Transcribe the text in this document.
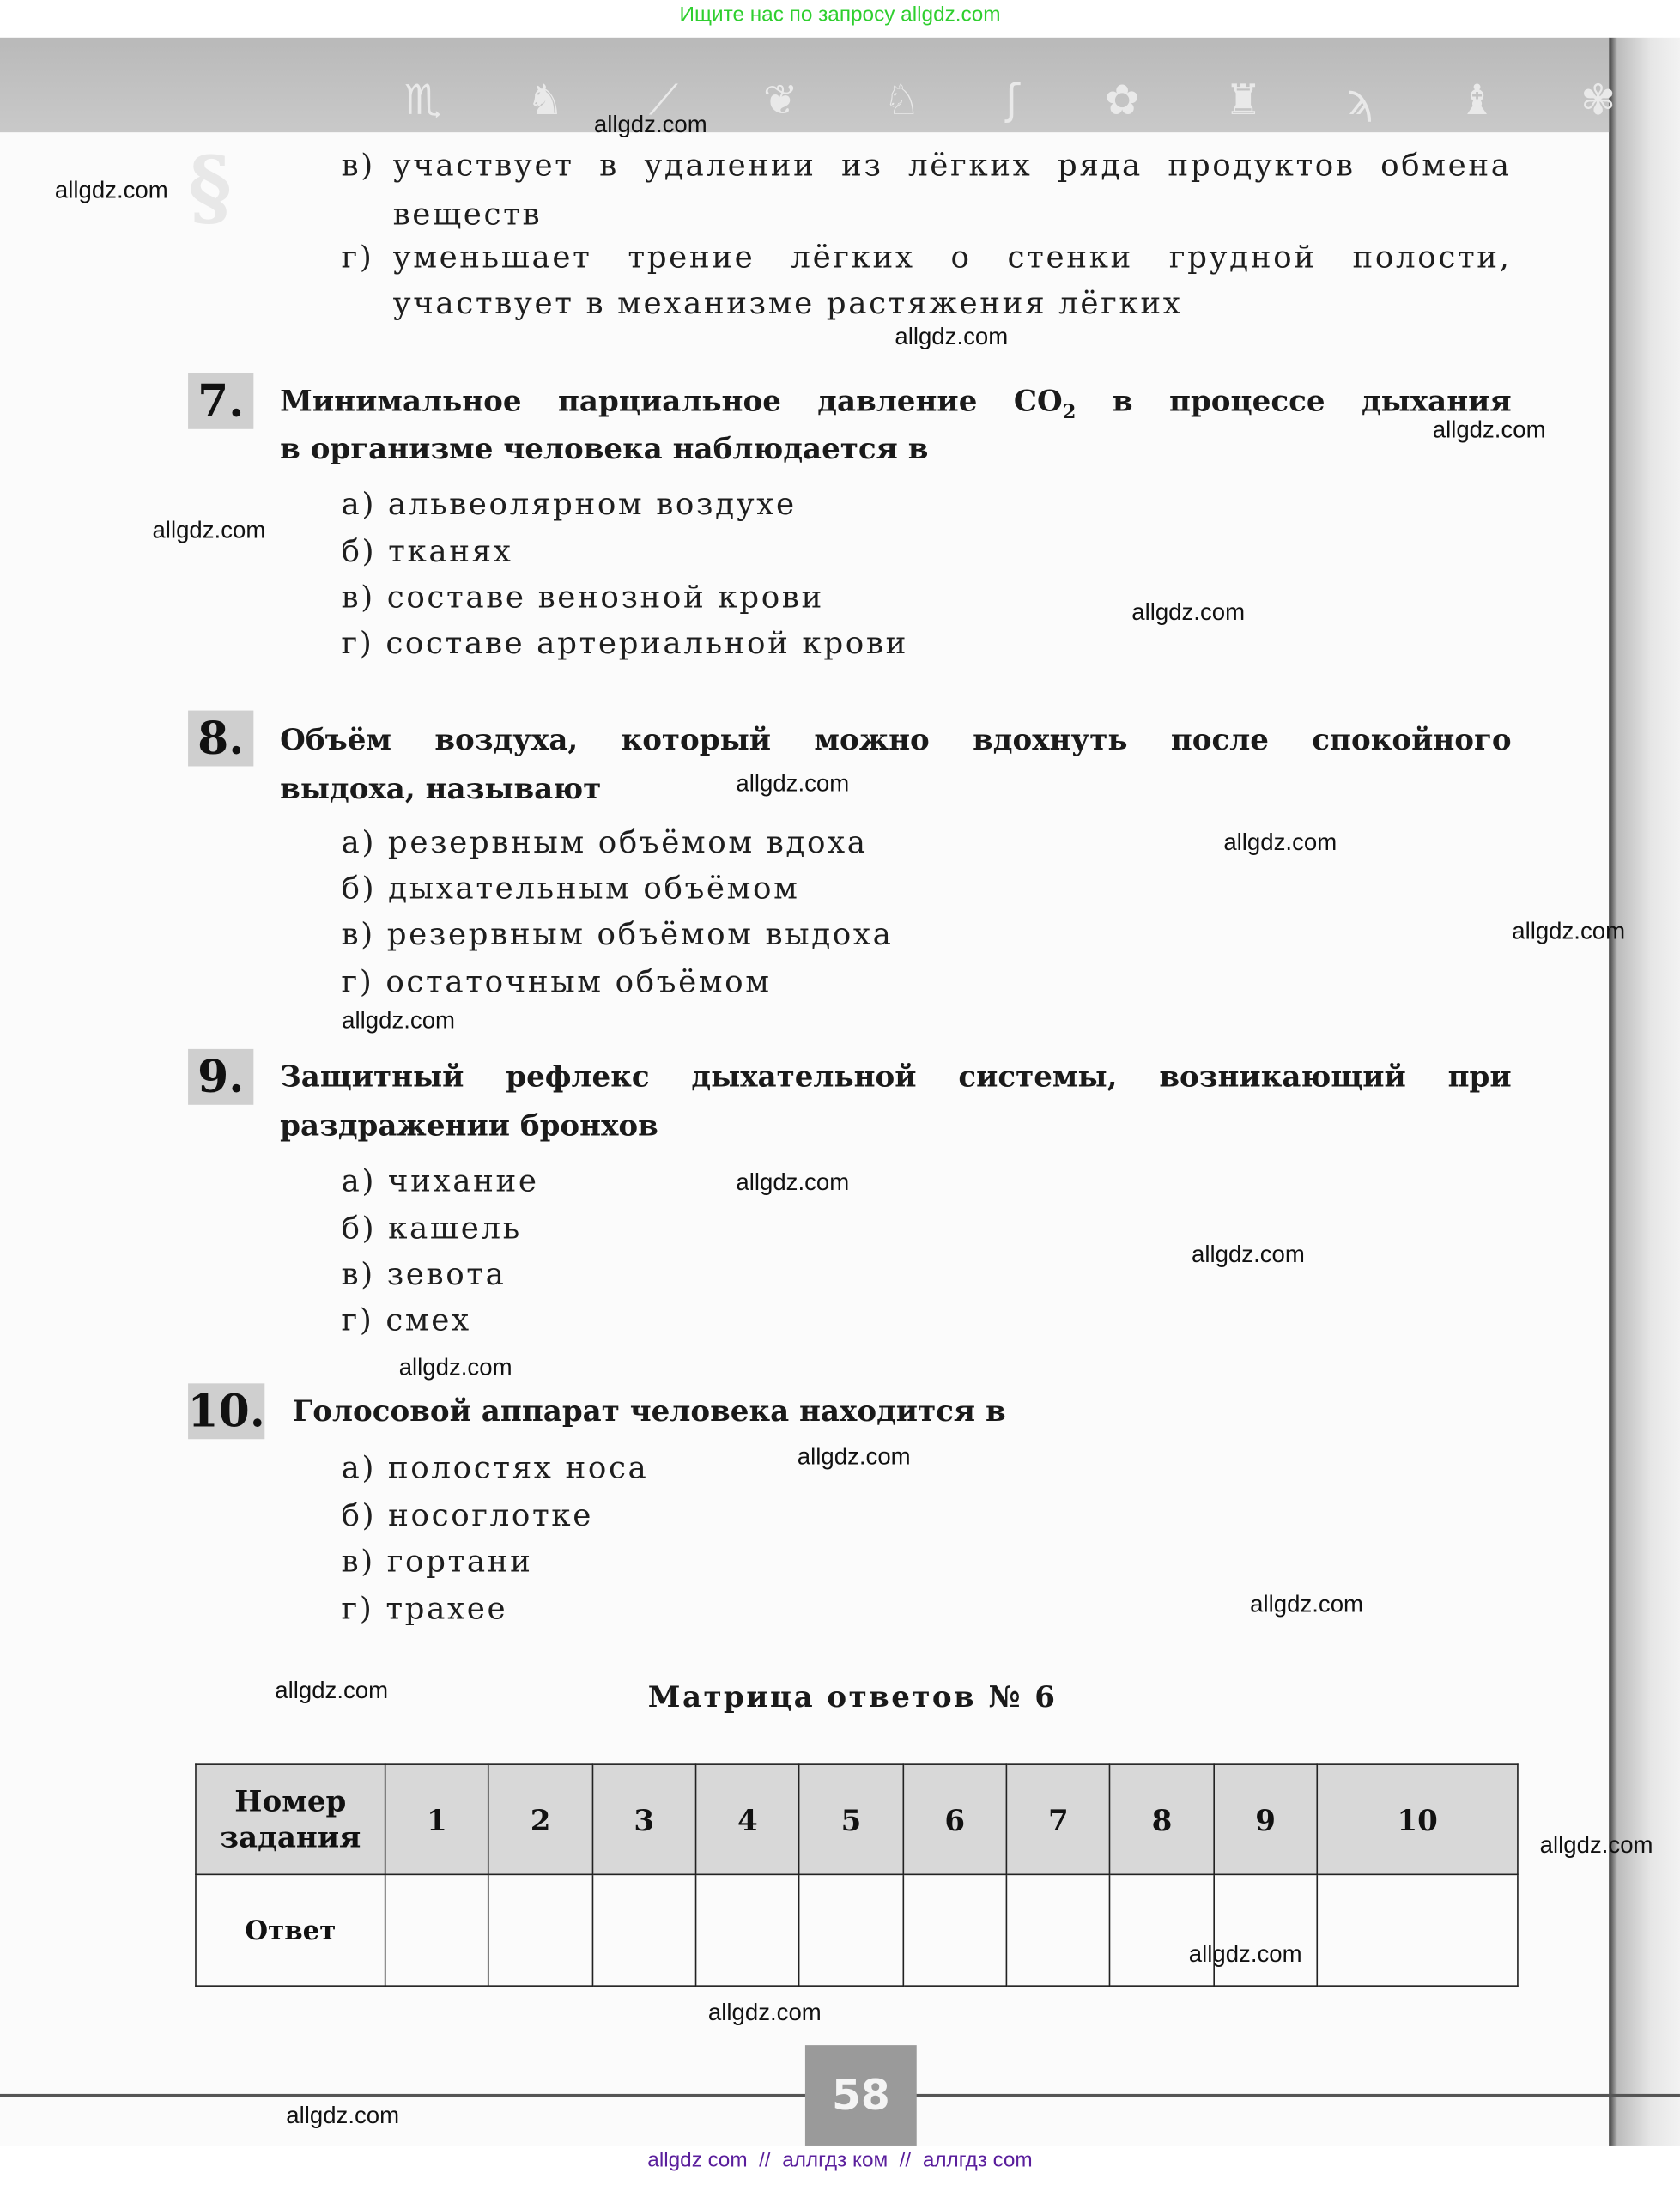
Ищите нас по запросу allgdz.com
♏	♞	⟋	❦	♘	ʃ	✿	♜	ϡ	♝	✾
§	в) участвует в удалении из лёгких ряда продуктов обмена
веществ
г) уменьшает трение лёгких о стенки грудной полости,
участвует в механизме растяжения лёгких
7.	Минимальное парциальное давление $CO_2$ в процессе дыхания
в организме человека наблюдается в
а) альвеолярном воздухе
б) тканях
в) составе венозной крови
г) составе артериальной крови
8.	Объём воздуха, который можно вдохнуть после спокойного
выдоха, называют
а) резервным объёмом вдоха
б) дыхательным объёмом
в) резервным объёмом выдоха
г) остаточным объёмом
9.	Защитный рефлекс дыхательной системы, возникающий при
раздражении бронхов
а) чихание
б) кашель
в) зевота
г) смех
10. Голосовой аппарат человека находится в
а) полостях носа
б) носоглотке
в) гортани
г) трахее
Матрица ответов № 6
Номер
задания	1	2	3	4	5	6	7	8	9	10
Ответ										
58
allgdz.com
allgdz.com
allgdz.com
allgdz.com
allgdz.com
allgdz.com
allgdz.com
allgdz.com
allgdz.com
allgdz.com
allgdz.com
allgdz.com
allgdz.com
allgdz.com
allgdz.com
allgdz.com
allgdz.com
allgdz.com
allgdz.com
allgdz.com
allgdz com  //  аллгдз ком  //  аллгдз com
